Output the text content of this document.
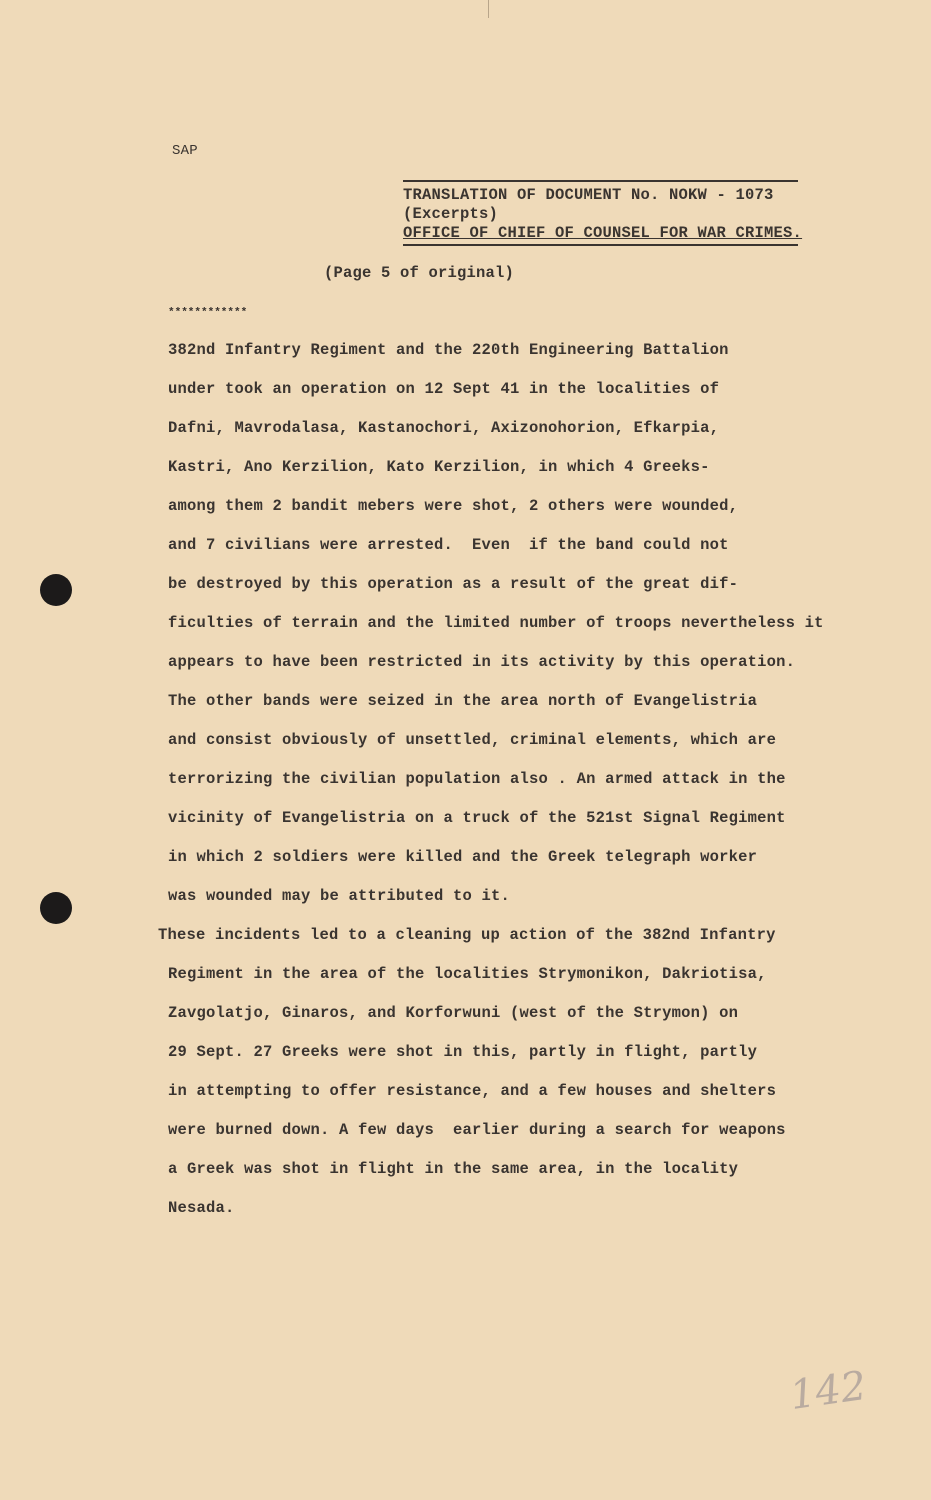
SAP
TRANSLATION OF DOCUMENT No. NOKW - 1073
(Excerpts)
OFFICE OF CHIEF OF COUNSEL FOR WAR CRIMES.
(Page 5 of original)
************
382nd Infantry Regiment and the 220th Engineering Battalion
under took an operation on 12 Sept 41 in the localities of
Dafni, Mavrodalasa, Kastanochori, Axizonohorion, Efkarpia,
Kastri, Ano Kerzilion, Kato Kerzilion, in which 4 Greeks-
among them 2 bandit mebers were shot, 2 others were wounded,
and 7 civilians were arrested.  Even  if the band could not
be destroyed by this operation as a result of the great dif-
ficulties of terrain and the limited number of troops nevertheless it
appears to have been restricted in its activity by this operation.
The other bands were seized in the area north of Evangelistria
and consist obviously of unsettled, criminal elements, which are
terrorizing the civilian population also . An armed attack in the
vicinity of Evangelistria on a truck of the 521st Signal Regiment
in which 2 soldiers were killed and the Greek telegraph worker
was wounded may be attributed to it.
These incidents led to a cleaning up action of the 382nd Infantry
Regiment in the area of the localities Strymonikon, Dakriotisa,
Zavgolatjo, Ginaros, and Korforwuni (west of the Strymon) on
29 Sept. 27 Greeks were shot in this, partly in flight, partly
in attempting to offer resistance, and a few houses and shelters
were burned down. A few days  earlier during a search for weapons
a Greek was shot in flight in the same area, in the locality
Nesada.
142
